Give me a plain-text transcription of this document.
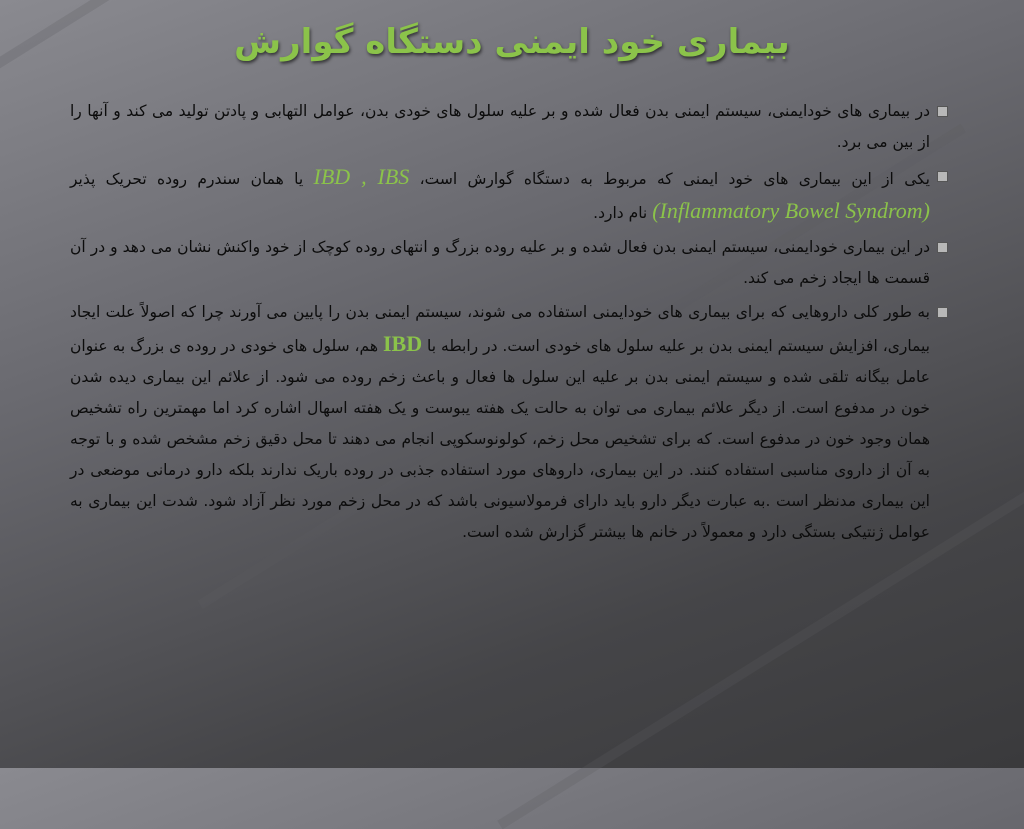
بیماری خود ایمنی دستگاه گوارش

در بیماری های خودایمنی، سیستم ایمنی بدن فعال شده و بر علیه سلول های خودی بدن، عوامل التهابی و پادتن تولید می کند و آنها را از بین می برد.

یکی از این بیماری های خود ایمنی که مربوط به دستگاه گوارش است، IBD , IBS یا همان سندرم روده تحریک پذیر (Inflammatory Bowel Syndrom) نام دارد.

در این بیماری خودایمنی، سیستم ایمنی بدن فعال شده و بر علیه روده بزرگ و انتهای روده کوچک از خود واکنش نشان می دهد و در آن قسمت ها ایجاد زخم می کند.

به طور کلی داروهایی که برای بیماری های خودایمنی استفاده می شوند، سیستم ایمنی بدن را پایین می آورند چرا که اصولاً علت ایجاد بیماری، افزایش سیستم ایمنی بدن بر علیه سلول های خودی است. در رابطه با IBD هم، سلول های خودی در روده ی بزرگ به عنوان عامل بیگانه تلقی شده و سیستم ایمنی بدن بر علیه این سلول ها فعال و باعث زخم روده می شود. از علائم این بیماری دیده شدن خون در مدفوع است. از دیگر علائم بیماری می توان به حالت یک هفته یبوست و یک هفته اسهال اشاره کرد اما مهمترین راه تشخیص همان وجود خون در مدفوع است. که برای تشخیص محل زخم، کولونوسکوپی انجام می دهند تا محل دقیق زخم مشخص شده و با توجه به آن از داروی مناسبی استفاده کنند. در این بیماری، داروهای مورد استفاده جذبی در روده باریک ندارند بلکه دارو درمانی موضعی در این بیماری مدنظر است .به عبارت دیگر دارو باید دارای فرمولاسیونی باشد که در محل زخم مورد نظر آزاد شود. شدت این بیماری به عوامل ژنتیکی بستگی دارد و معمولاً در خانم ها بیشتر گزارش شده است.
